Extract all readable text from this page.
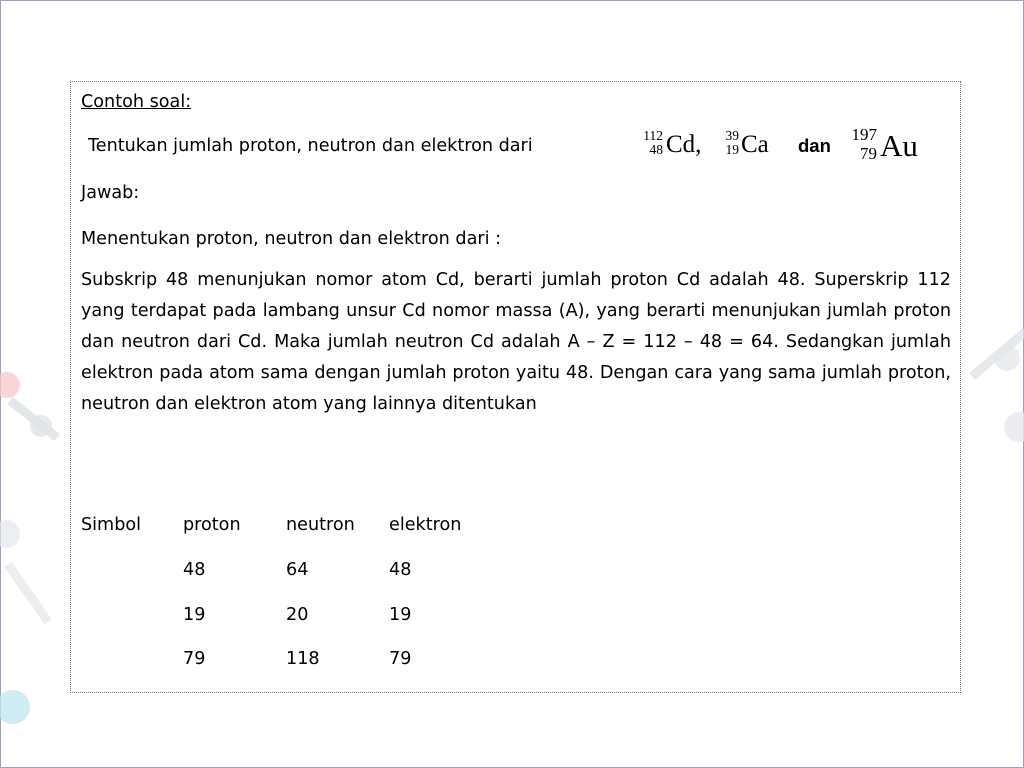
Contoh soal:
Tentukan jumlah proton, neutron dan elektron dari
112
48 Cd,	39
19 Ca dan
197
79 Au
Jawab:
Menentukan proton, neutron dan elektron dari :
Subskrip 48 menunjukan nomor atom Cd, berarti jumlah proton Cd adalah 48. Superskrip 112 yang terdapat pada lambang unsur Cd nomor massa (A), yang berarti menunjukan jumlah proton dan neutron dari Cd. Maka jumlah neutron Cd adalah A – Z = 112 – 48 = 64. Sedangkan jumlah elektron pada atom sama dengan jumlah proton yaitu 48. Dengan cara yang sama jumlah proton, neutron dan elektron atom yang lainnya ditentukan
Simbol proton	neutron elektron
48	64	48
19	20	19
79	118	79
